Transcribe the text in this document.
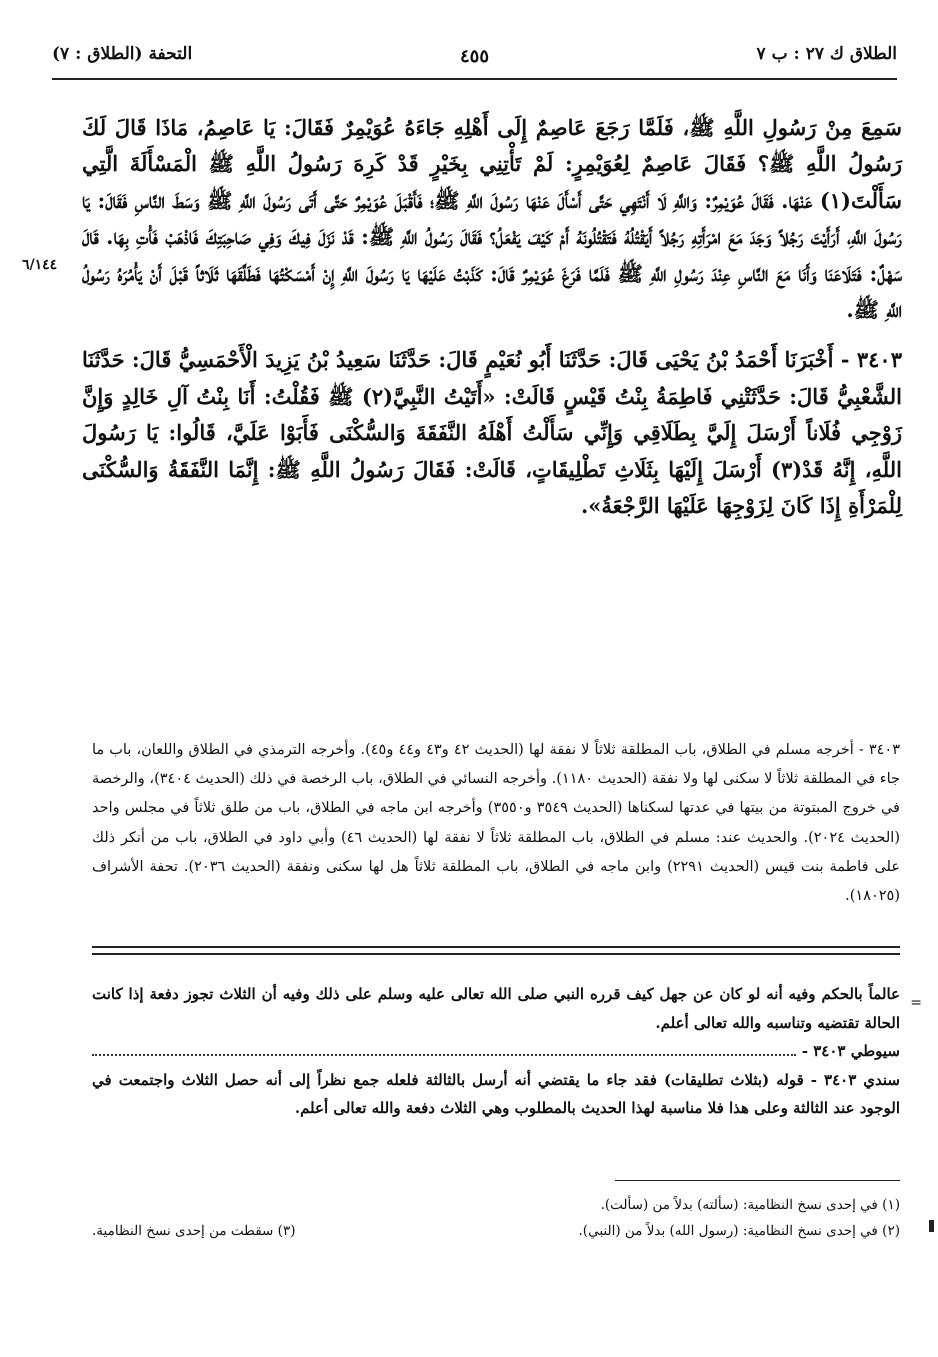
الطلاق ك ٢٧ : ب ٧
٤٥٥
التحفة (الطلاق : ٧)

سَمِعَ مِنْ رَسُولِ اللَّهِ ﷺ، فَلَمَّا رَجَعَ عَاصِمٌ إِلَى أَهْلِهِ جَاءَهُ عُوَيْمِرٌ فَقَالَ: يَا عَاصِمُ، مَاذَا قَالَ لَكَ رَسُولُ اللَّهِ ﷺ؟ فَقَالَ عَاصِمٌ لِعُوَيْمِرٍ: لَمْ تَأْتِنِي بِخَيْرٍ قَدْ كَرِهَ رَسُولُ اللَّهِ ﷺ الْمَسْأَلَةَ الَّتِي سَأَلْتَ(١) عَنْهَا. فَقَالَ عُوَيْمِرٌ: وَاللَّهِ لَا أَنْتَهِي حَتَّى أَسْأَلَ عَنْهَا رَسُولَ اللَّهِ ﷺ؛ فَأَقْبَلَ عُوَيْمِرٌ حَتَّى أَتَى رَسُولَ اللَّهِ ﷺ وَسَطَ النَّاسِ فَقَالَ: يَا رَسُولَ اللَّهِ، أَرَأَيْتَ رَجُلاً وَجَدَ مَعَ امْرَأَتِهِ رَجُلاً أَيَقْتُلُهُ فَتَقْتُلُونَهُ أَمْ كَيْفَ يَفْعَلُ؟ فَقَالَ رَسُولُ اللَّهِ ﷺ: قَدْ نَزَلَ فِيكَ وَفِي صَاحِبَتِكَ فَاذْهَبْ فَأْتِ بِهَا. قَالَ سَهْلٌ: فَتَلَاعَنَا وَأَنَا مَعَ النَّاسِ عِنْدَ رَسُولِ اللَّهِ ﷺ فَلَمَّا فَرَغَ عُوَيْمِرٌ قَالَ: كَذَبْتُ عَلَيْهَا يَا رَسُولَ اللَّهِ إِنْ أَمْسَكْتُهَا فَطَلَّقَهَا ثَلَاثاً قَبْلَ أَنْ يَأْمُرَهُ رَسُولُ اللَّهِ ﷺ.

٣٤٠٣ - أَخْبَرَنَا أَحْمَدُ بْنُ يَحْيَى قَالَ: حَدَّثَنَا أَبُو نُعَيْمٍ قَالَ: حَدَّثَنَا سَعِيدُ بْنُ يَزِيدَ الْأَحْمَسِيُّ قَالَ: حَدَّثَنَا الشَّعْبِيُّ قَالَ: حَدَّثَتْنِي فَاطِمَةُ بِنْتُ قَيْسٍ قَالَتْ: «أَتَيْتُ النَّبِيَّ(٢) ﷺ فَقُلْتُ: أَنَا بِنْتُ آلِ خَالِدٍ وَإِنَّ زَوْجِي فُلَاناً أَرْسَلَ إِلَيَّ بِطَلَاقِي وَإِنِّي سَأَلْتُ أَهْلَهُ النَّفَقَةَ وَالسُّكْنَى فَأَبَوْا عَلَيَّ، قَالُوا: يَا رَسُولَ اللَّهِ، إِنَّهُ قَدْ(٣) أَرْسَلَ إِلَيْهَا بِثَلَاثِ تَطْلِيقَاتٍ، قَالَتْ: فَقَالَ رَسُولُ اللَّهِ ﷺ: إِنَّمَا النَّفَقَةُ وَالسُّكْنَى لِلْمَرْأَةِ إِذَا كَانَ لِزَوْجِهَا عَلَيْهَا الرَّجْعَةُ».

٦/١٤٤

٣٤٠٣ - أخرجه مسلم في الطلاق، باب المطلقة ثلاثاً لا نفقة لها (الحديث ٤٢ و٤٣ و٤٤ و٤٥). وأخرجه الترمذي في الطلاق واللعان، باب ما جاء في المطلقة ثلاثاً لا سكنى لها ولا نفقة (الحديث ١١٨٠). وأخرجه النسائي في الطلاق، باب الرخصة في ذلك (الحديث ٣٤٠٤)، والرخصة في خروج المبتوتة من بيتها في عدتها لسكناها (الحديث ٣٥٤٩ و٣٥٥٠) وأخرجه ابن ماجه في الطلاق، باب من طلق ثلاثاً في مجلس واحد (الحديث ٢٠٢٤). والحديث عند: مسلم في الطلاق، باب المطلقة ثلاثاً لا نفقة لها (الحديث ٤٦) وأبي داود في الطلاق، باب من أنكر ذلك على فاطمة بنت قيس (الحديث ٢٢٩١) وابن ماجه في الطلاق، باب المطلقة ثلاثاً هل لها سكنى ونفقة (الحديث ٢٠٣٦). تحفة الأشراف (١٨٠٢٥).

=

عالماً بالحكم وفيه أنه لو كان عن جهل كيف قرره النبي صلى الله تعالى عليه وسلم على ذلك وفيه أن الثلاث تجوز دفعة إذا كانت الحالة تقتضيه وتناسبه والله تعالى أعلم.

سيوطي ٣٤٠٣ -

سندي ٣٤٠٣ - قوله (بثلاث تطليقات) فقد جاء ما يقتضي أنه أرسل بالثالثة فلعله جمع نظراً إلى أنه حصل الثلاث واجتمعت في الوجود عند الثالثة وعلى هذا فلا مناسبة لهذا الحديث بالمطلوب وهي الثلاث دفعة والله تعالى أعلم.

(١) في إحدى نسخ النظامية: (سألته) بدلاً من (سألت).
(٢) في إحدى نسخ النظامية: (رسول الله) بدلاً من (النبي).
(٣) سقطت من إحدى نسخ النظامية.
